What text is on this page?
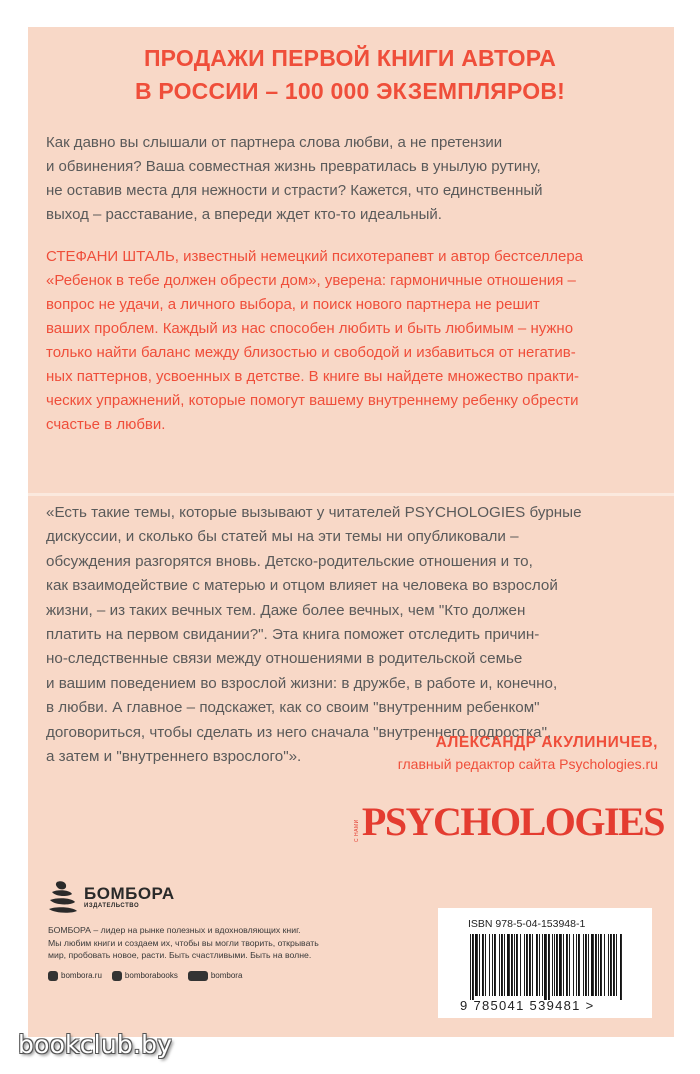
ПРОДАЖИ ПЕРВОЙ КНИГИ АВТОРА
В РОССИИ – 100 000 ЭКЗЕМПЛЯРОВ!
Как давно вы слышали от партнера слова любви, а не претензии
и обвинения? Ваша совместная жизнь превратилась в унылую рутину,
не оставив места для нежности и страсти? Кажется, что единственный
выход – расставание, а впереди ждет кто-то идеальный.
СТЕФАНИ ШТАЛЬ, известный немецкий психотерапевт и автор бестселлера
«Ребенок в тебе должен обрести дом», уверена: гармоничные отношения –
вопрос не удачи, а личного выбора, и поиск нового партнера не решит
ваших проблем. Каждый из нас способен любить и быть любимым – нужно
только найти баланс между близостью и свободой и избавиться от негатив-
ных паттернов, усвоенных в детстве. В книге вы найдете множество практи-
ческих упражнений, которые помогут вашему внутреннему ребенку обрести
счастье в любви.
«Есть такие темы, которые вызывают у читателей PSYCHOLOGIES бурные
дискуссии, и сколько бы статей мы на эти темы ни опубликовали –
обсуждения разгорятся вновь. Детско-родительские отношения и то,
как взаимодействие с матерью и отцом влияет на человека во взрослой
жизни, – из таких вечных тем. Даже более вечных, чем "Кто должен
платить на первом свидании?". Эта книга поможет отследить причин-
но-следственные связи между отношениями в родительской семье
и вашим поведением во взрослой жизни: в дружбе, в работе и, конечно,
в любви. А главное – подскажет, как со своим "внутренним ребенком"
договориться, чтобы сделать из него сначала "внутреннего подростка",
а затем и "внутреннего взрослого"».
АЛЕКСАНДР АКУЛИНИЧЕВ,
главный редактор сайта Psychologies.ru
С НАМИ PSYCHOLOGIES
БОМБОРА
ИЗДАТЕЛЬСТВО
БОМБОРА – лидер на рынке полезных и вдохновляющих книг.
Мы любим книги и создаем их, чтобы вы могли творить, открывать
мир, пробовать новое, расти. Быть счастливыми. Быть на волне.
bombora.ru	bomborabooks	bombora
ISBN 978-5-04-153948-1
9 785041 539481 >
bookclub.by
